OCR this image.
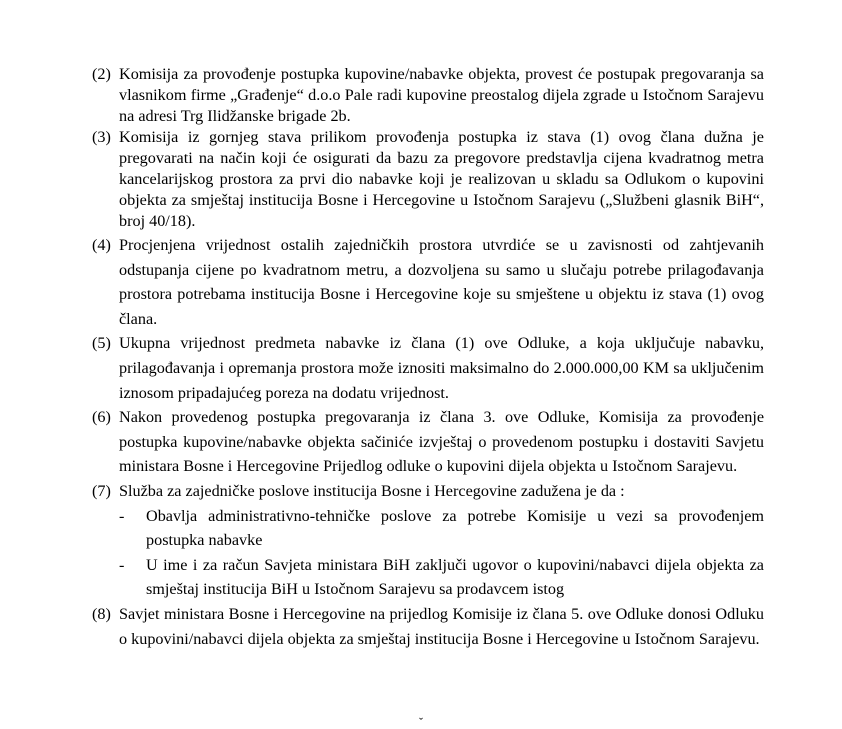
(2) Komisija za provođenje postupka kupovine/nabavke objekta, provest će postupak pregovaranja sa vlasnikom firme „Građenje“ d.o.o Pale radi kupovine preostalog dijela zgrade u Istočnom Sarajevu na adresi Trg Ilidžanske brigade 2b.
(3) Komisija iz gornjeg stava prilikom provođenja postupka iz stava (1) ovog člana dužna je pregovarati na način koji će osigurati da bazu za pregovore predstavlja cijena kvadratnog metra kancelarijskog prostora za prvi dio nabavke koji je realizovan u skladu sa Odlukom o kupovini objekta za smještaj institucija Bosne i Hercegovine u Istočnom Sarajevu („Službeni glasnik BiH“, broj 40/18).
(4) Procjenjena vrijednost ostalih zajedničkih prostora utvrdiće se u zavisnosti od zahtjevanih odstupanja cijene po kvadratnom metru, a dozvoljena su samo u slučaju potrebe prilagođavanja prostora potrebama institucija Bosne i Hercegovine koje su smještene u objektu iz stava (1) ovog člana.
(5) Ukupna vrijednost predmeta nabavke iz člana (1) ove Odluke, a koja uključuje nabavku, prilagođavanja i opremanja prostora može iznositi maksimalno do 2.000.000,00 KM sa uključenim iznosom pripadajućeg poreza na dodatu vrijednost.
(6) Nakon provedenog postupka pregovaranja iz člana 3. ove Odluke, Komisija za provođenje postupka kupovine/nabavke objekta sačiniće izvještaj o provedenom postupku i dostaviti Savjetu ministara Bosne i Hercegovine Prijedlog odluke o kupovini dijela objekta u Istočnom Sarajevu.
(7) Služba za zajedničke poslove institucija Bosne i Hercegovine zadužena je da :
-	Obavlja administrativno-tehničke poslove za potrebe Komisije u vezi sa provođenjem postupka nabavke
-	U ime i za račun Savjeta ministara BiH zaključi ugovor o kupovini/nabavci dijela objekta za smještaj institucija BiH u Istočnom Sarajevu sa prodavcem istog
(8) Savjet ministara Bosne i Hercegovine na prijedlog Komisije iz člana 5. ove Odluke donosi Odluku o kupovini/nabavci dijela objekta za smještaj institucija Bosne i Hercegovine u Istočnom Sarajevu.
ˇ
